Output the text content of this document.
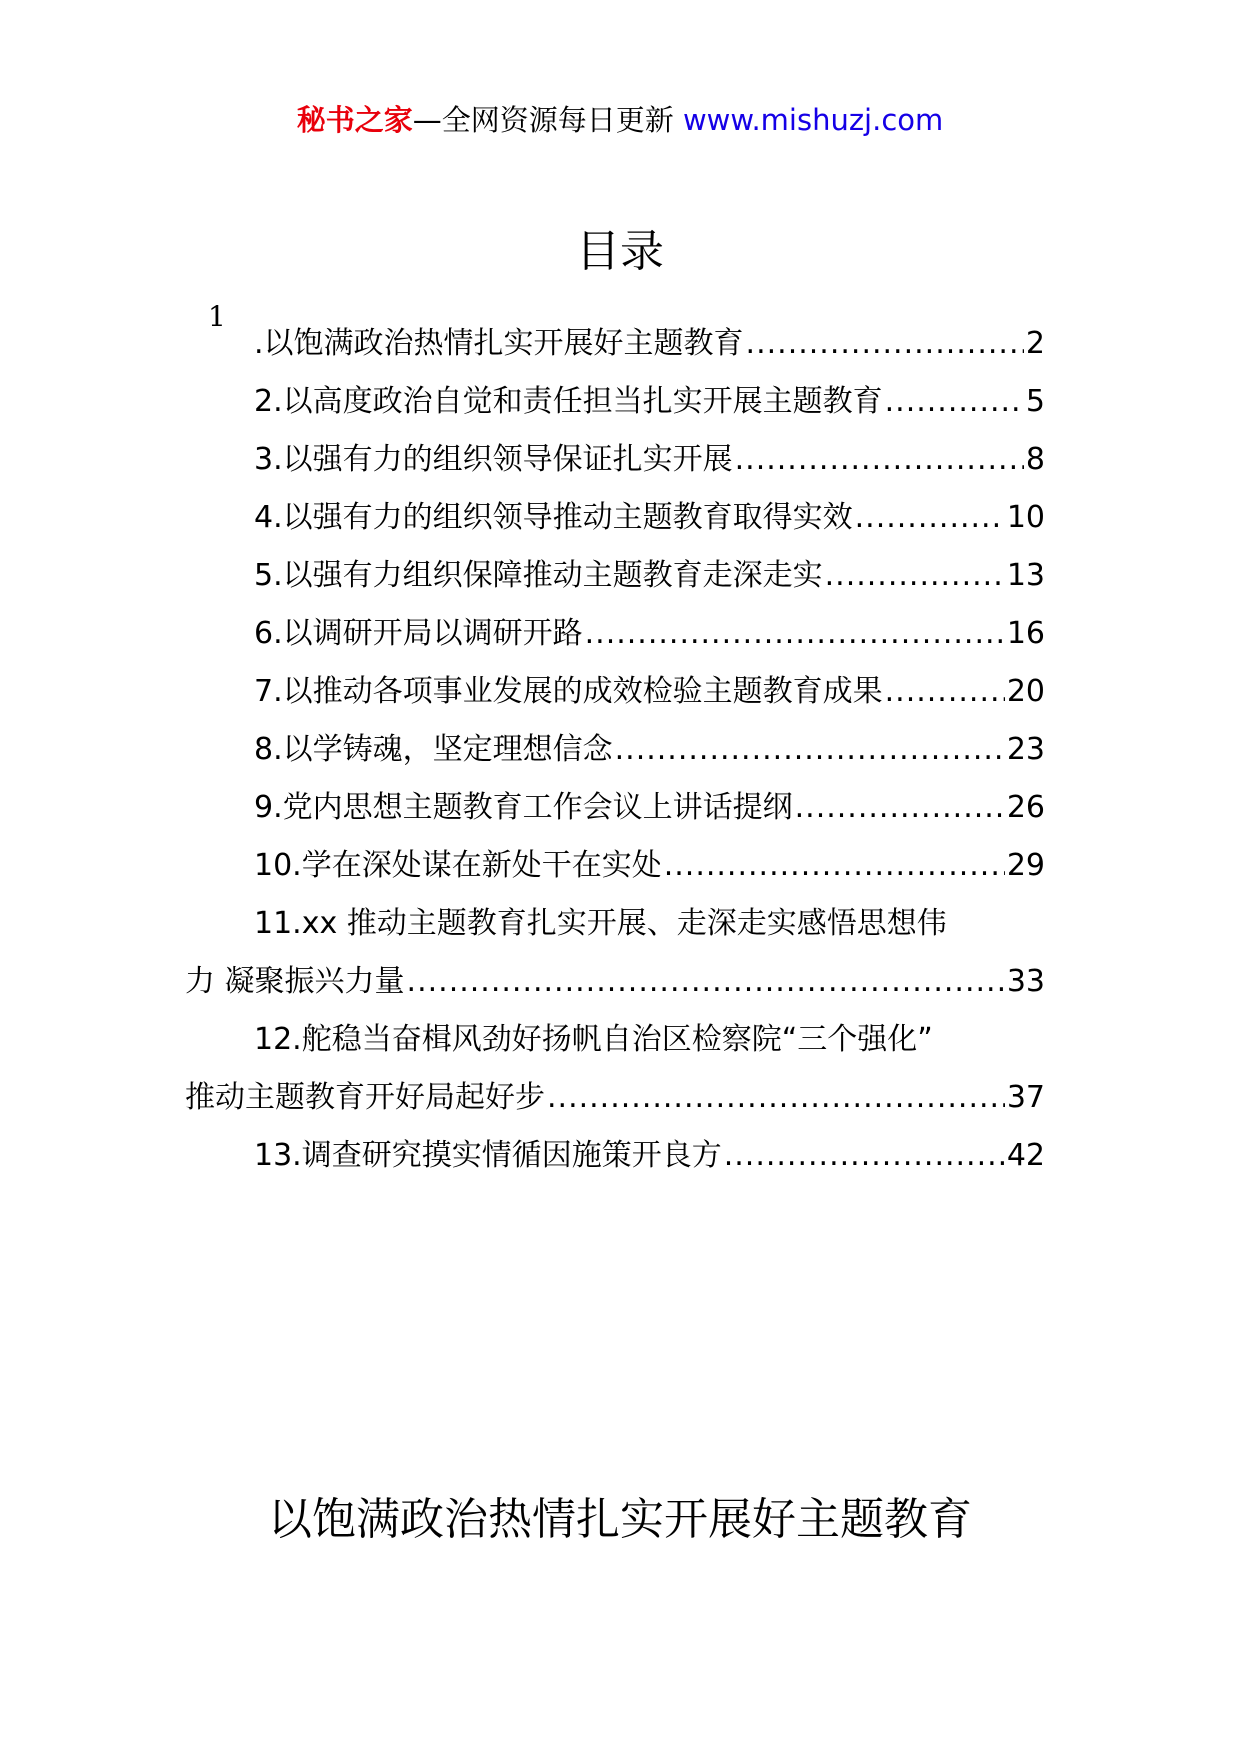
秘书之家—全网资源每日更新 www.mishuzj.com
目录
1
.以饱满政治热情扎实开展好主题教育 .....	2
2.以高度政治自觉和责任担当扎实开展主题教育 .....	5
3.以强有力的组织领导保证扎实开展 .....	8
4.以强有力的组织领导推动主题教育取得实效 .....	10
5.以强有力组织保障推动主题教育走深走实 .....	13
6.以调研开局以调研开路 .....	16
7.以推动各项事业发展的成效检验主题教育成果 .....	20
8.以学铸魂，坚定理想信念 .....	23
9.党内思想主题教育工作会议上讲话提纲 .....	26
10.学在深处谋在新处干在实处 .....	29
11.xx 推动主题教育扎实开展、走深走实感悟思想伟
力 凝聚振兴力量 .....	33
12.舵稳当奋楫风劲好扬帆自治区检察院“三个强化”
推动主题教育开好局起好步 .....	37
13.调查研究摸实情循因施策开良方 .....	42
以饱满政治热情扎实开展好主题教育
